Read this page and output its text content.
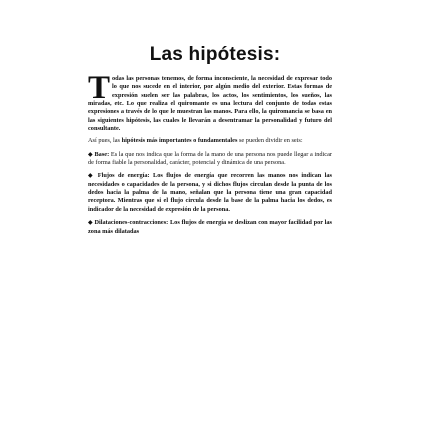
Las hipótesis:

Todas las personas tenemos, de forma inconsciente, la necesidad de expresar todo lo que nos sucede en el interior, por algún medio del exterior. Estas formas de expresión suelen ser las palabras, los actos, los sentimientos, los sueños, las miradas, etc. Lo que realiza el quiromante es una lectura del conjunto de todas estas expresiones a través de lo que le muestran las manos. Para ello, la quiromancia se basa en las siguientes hipótesis, las cuales le llevarán a desentramar la personalidad y futuro del consultante.

Así pues, las hipótesis más importantes o fundamentales se pueden dividir en seis:

◆ Base: Es la que nos indica que la forma de la mano de una persona nos puede llegar a indicar de forma fiable la personalidad, carácter, potencial y dinámica de una persona.

◆ Flujos de energía: Los flujos de energía que recorren las manos nos indican las necesidades o capacidades de la persona, y si dichos flujos circulan desde la punta de los dedos hacia la palma de la mano, señalan que la persona tiene una gran capacidad receptora. Mientras que si el flujo circula desde la base de la palma hacia los dedos, es indicador de la necesidad de expresión de la persona.

◆ Dilataciones-contracciones: Los flujos de energía se deslizan con mayor facilidad por las zona más dilatadas
